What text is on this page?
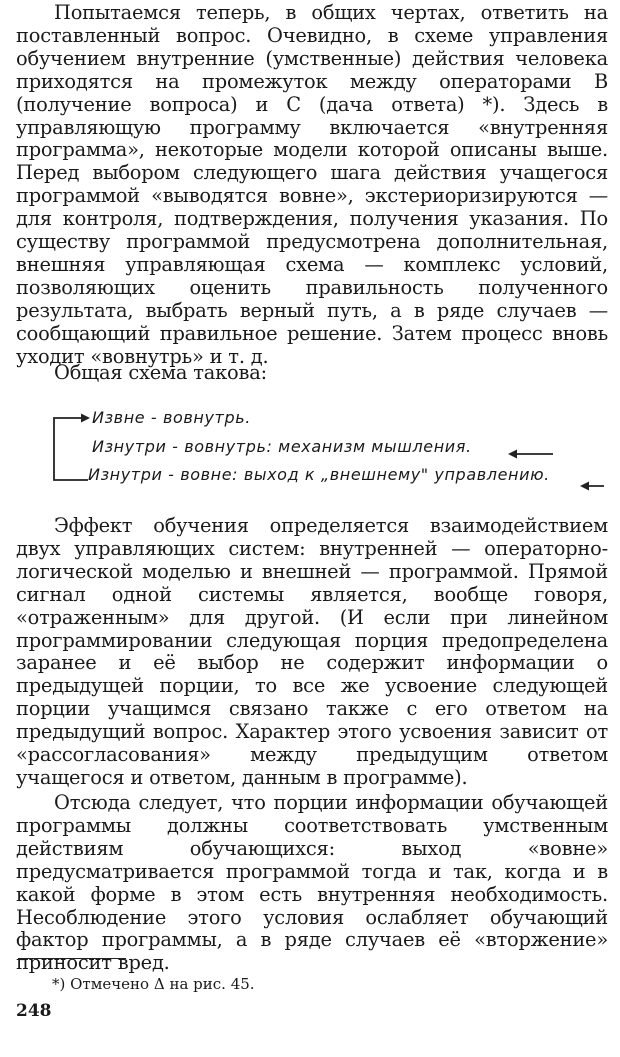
Попытаемся теперь, в общих чертах, ответить на поставленный вопрос. Очевидно, в схеме управления обучением внутренние (умственные) действия человека приходятся на промежуток между операторами B (получение вопроса) и C (дача ответа) *). Здесь в управляющую программу включается «внутренняя программа», некоторые модели которой описаны выше. Перед выбором следующего шага действия учащегося программой «выводятся вовне», экстериоризируются — для контроля, подтверждения, получения указания. По существу программой предусмотрена дополнительная, внешняя управляющая схема — комплекс условий, позволяющих оценить правильность полученного результата, выбрать верный путь, а в ряде случаев — сообщающий правильное решение. Затем процесс вновь уходит «вовнутрь» и т. д.

Общая схема такова:

Извне - вовнутрь.
Изнутри - вовнутрь: механизм мышления.
Изнутри - вовне: выход к „внешнему" управлению.

Эффект обучения определяется взаимодействием двух управляющих систем: внутренней — операторно-логической моделью и внешней — программой. Прямой сигнал одной системы является, вообще говоря, «отраженным» для другой. (И если при линейном программировании следующая порция предопределена заранее и её выбор не содержит информации о предыдущей порции, то все же усвоение следующей порции учащимся связано также с его ответом на предыдущий вопрос. Характер этого усвоения зависит от «рассогласования» между предыдущим ответом учащегося и ответом, данным в программе).

Отсюда следует, что порции информации обучающей программы должны соответствовать умственным действиям обучающихся: выход «вовне» предусматривается программой тогда и так, когда и в какой форме в этом есть внутренняя необходимость. Несоблюдение этого условия ослабляет обучающий фактор программы, а в ряде случаев её «вторжение» приносит вред.

*) Отмечено Δ на рис. 45.
248
